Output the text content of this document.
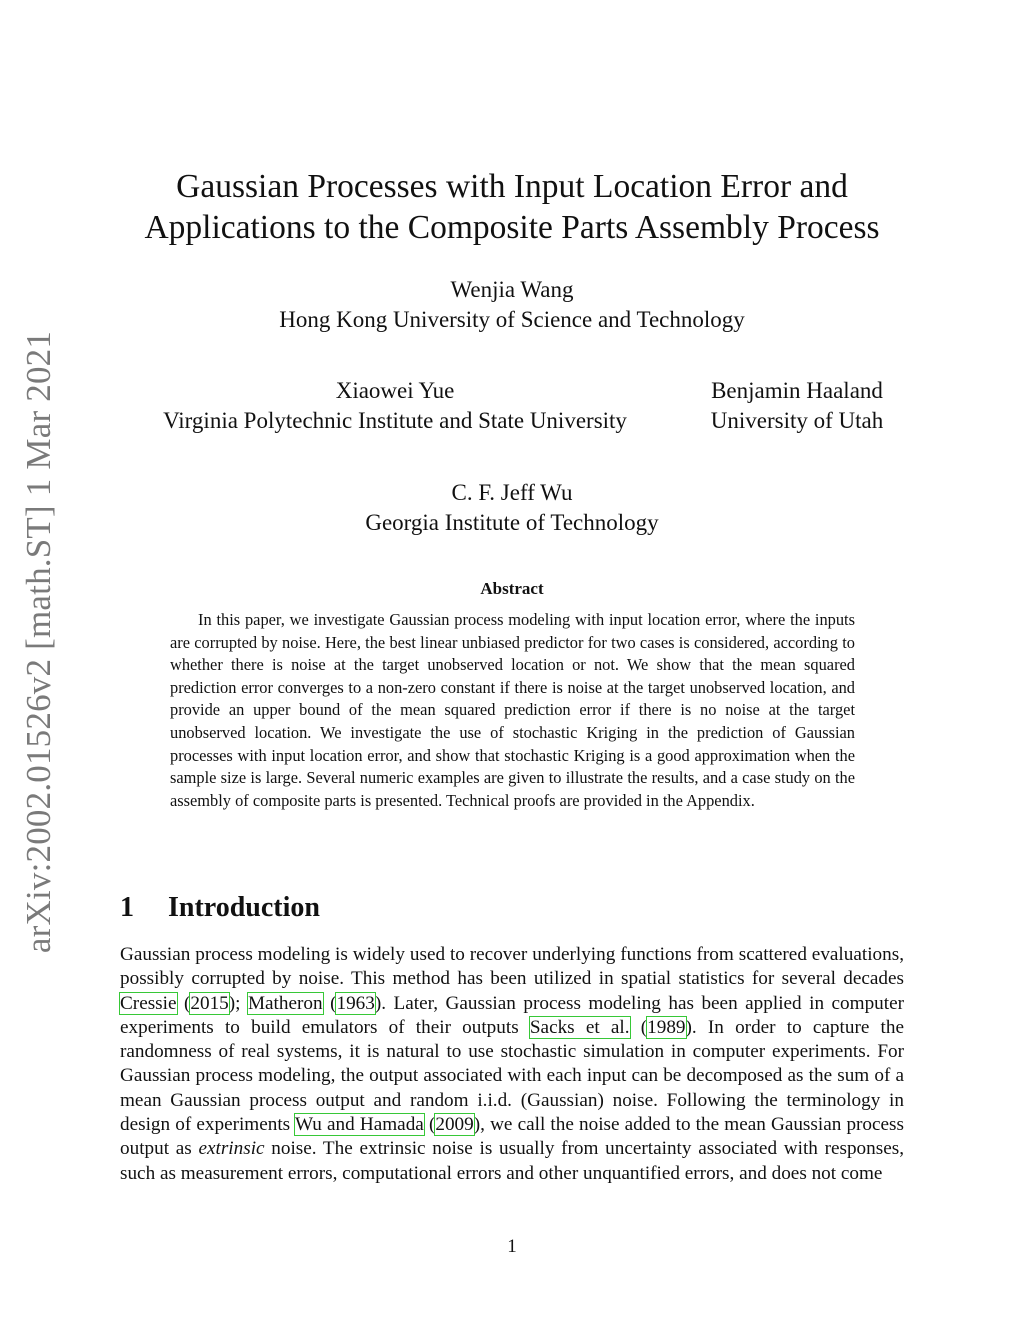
arXiv:2002.01526v2 [math.ST] 1 Mar 2021
Gaussian Processes with Input Location Error and
Applications to the Composite Parts Assembly Process
Wenjia Wang
Hong Kong University of Science and Technology
Xiaowei Yue
Virginia Polytechnic Institute and State University
Benjamin Haaland
University of Utah
C. F. Jeff Wu
Georgia Institute of Technology
Abstract

In this paper, we investigate Gaussian process modeling with input location error, where the inputs are corrupted by noise. Here, the best linear unbiased predictor for two cases is considered, according to whether there is noise at the target unobserved location or not. We show that the mean squared prediction error converges to a non-zero constant if there is noise at the target unobserved location, and provide an upper bound of the mean squared prediction error if there is no noise at the target unobserved location. We investigate the use of stochastic Kriging in the prediction of Gaussian processes with input location error, and show that stochastic Kriging is a good approximation when the sample size is large. Several numeric examples are given to illustrate the results, and a case study on the assembly of composite parts is presented. Technical proofs are provided in the Appendix.

1 Introduction

Gaussian process modeling is widely used to recover underlying functions from scattered evaluations, possibly corrupted by noise. This method has been utilized in spatial statistics for several decades Cressie (2015); Matheron (1963). Later, Gaussian process modeling has been applied in computer experiments to build emulators of their outputs Sacks et al. (1989). In order to capture the randomness of real systems, it is natural to use stochastic simulation in computer experiments. For Gaussian process modeling, the output associated with each input can be decomposed as the sum of a mean Gaussian process output and random i.i.d. (Gaussian) noise. Following the terminology in design of experiments Wu and Hamada (2009), we call the noise added to the mean Gaussian process output as extrinsic noise. The extrinsic noise is usually from uncertainty associated with responses, such as measurement errors, computational errors and other unquantified errors, and does not come

1
